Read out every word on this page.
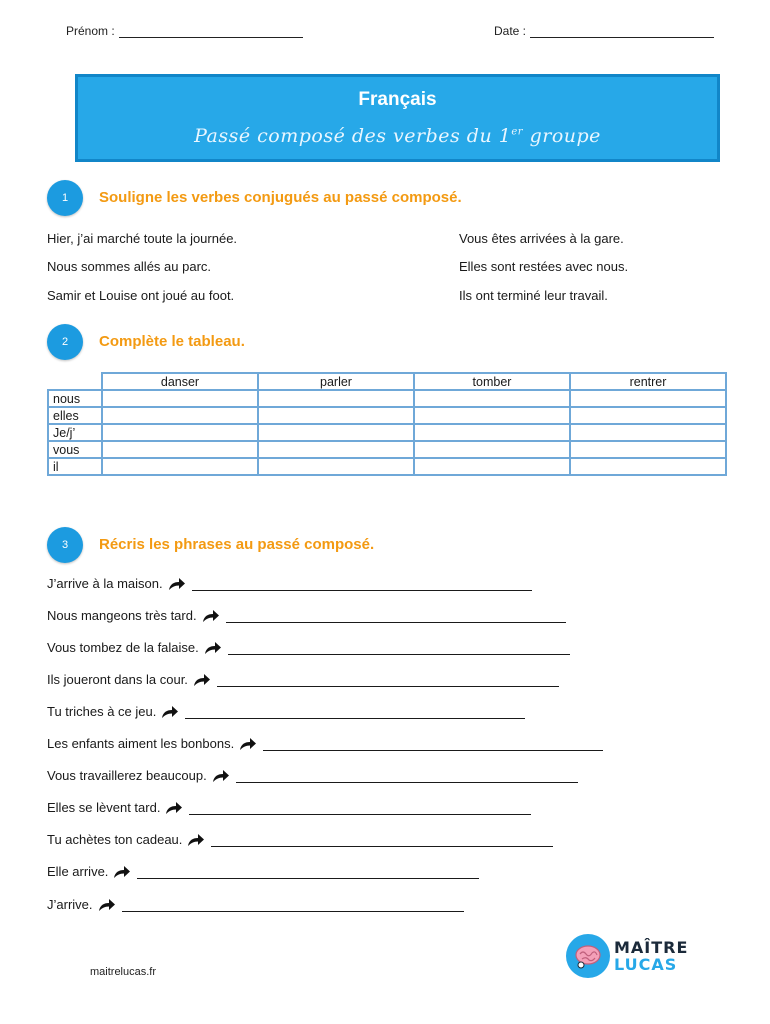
Prénom :	Date :
Français
Passé composé des verbes du 1er groupe
1	Souligne les verbes conjugués au passé composé.
Hier, j’ai marché toute la journée.
Nous sommes allés au parc.
Samir et Louise ont joué au foot.
Vous êtes arrivées à la gare.
Elles sont restées avec nous.
Ils ont terminé leur travail.
2	Complète le tableau.
	danser	parler	tomber	rentrer
nous				
elles				
Je/j’				
vous				
il				
3	Récris les phrases au passé composé.
J’arrive à la maison.
Nous mangeons très tard.
Vous tombez de la falaise.
Ils joueront dans la cour.
Tu triches à ce jeu.
Les enfants aiment les bonbons.
Vous travaillerez beaucoup.
Elles se lèvent tard.
Tu achètes ton cadeau.
Elle arrive.
J’arrive.
maitrelucas.fr
MAÎTRE
LUCAS
